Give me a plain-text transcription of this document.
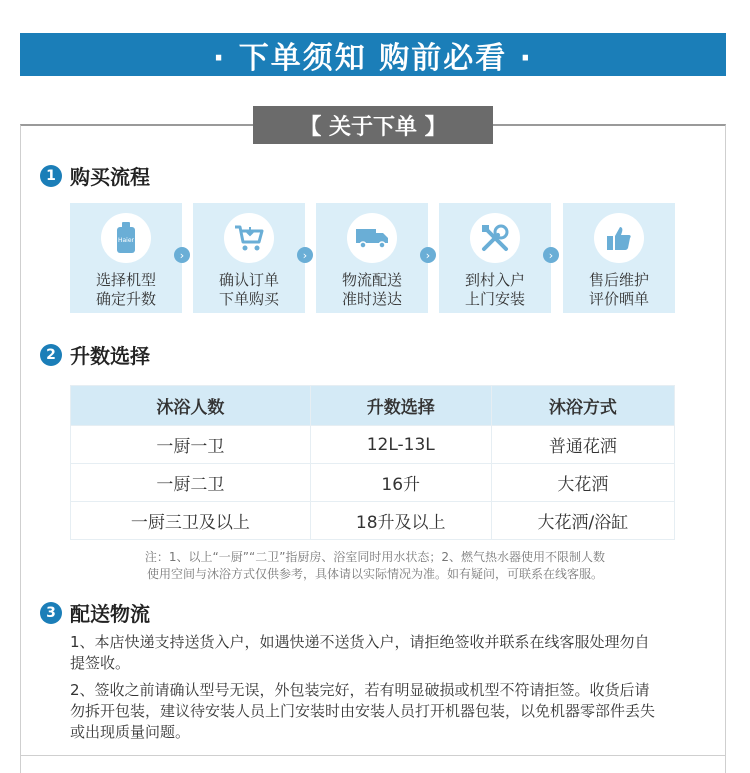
· 下单须知 购前必看 ·
【 关于下单 】
1 购买流程
Haier
选择机型
确定升数
›
确认订单
下单购买
›
物流配送
准时送达
›
到村入户
上门安装
›
售后维护
评价晒单
2 升数选择
沐浴人数	升数选择	沐浴方式
一厨一卫	12L-13L	普通花洒
一厨二卫	16升	大花洒
一厨三卫及以上	18升及以上	大花洒/浴缸
注：1、以上“一厨”“二卫”指厨房、浴室同时用水状态；2、燃气热水器使用不限制人数
使用空间与沐浴方式仅供参考，具体请以实际情况为准。如有疑问，可联系在线客服。
3 配送物流
1、本店快递支持送货入户，如遇快递不送货入户，请拒绝签收并联系在线客服处理勿自提签收。
2、签收之前请确认型号无误，外包装完好，若有明显破损或机型不符请拒签。收货后请勿拆开包装，建议待安装人员上门安装时由安装人员打开机器包装，以免机器零部件丢失或出现质量问题。
